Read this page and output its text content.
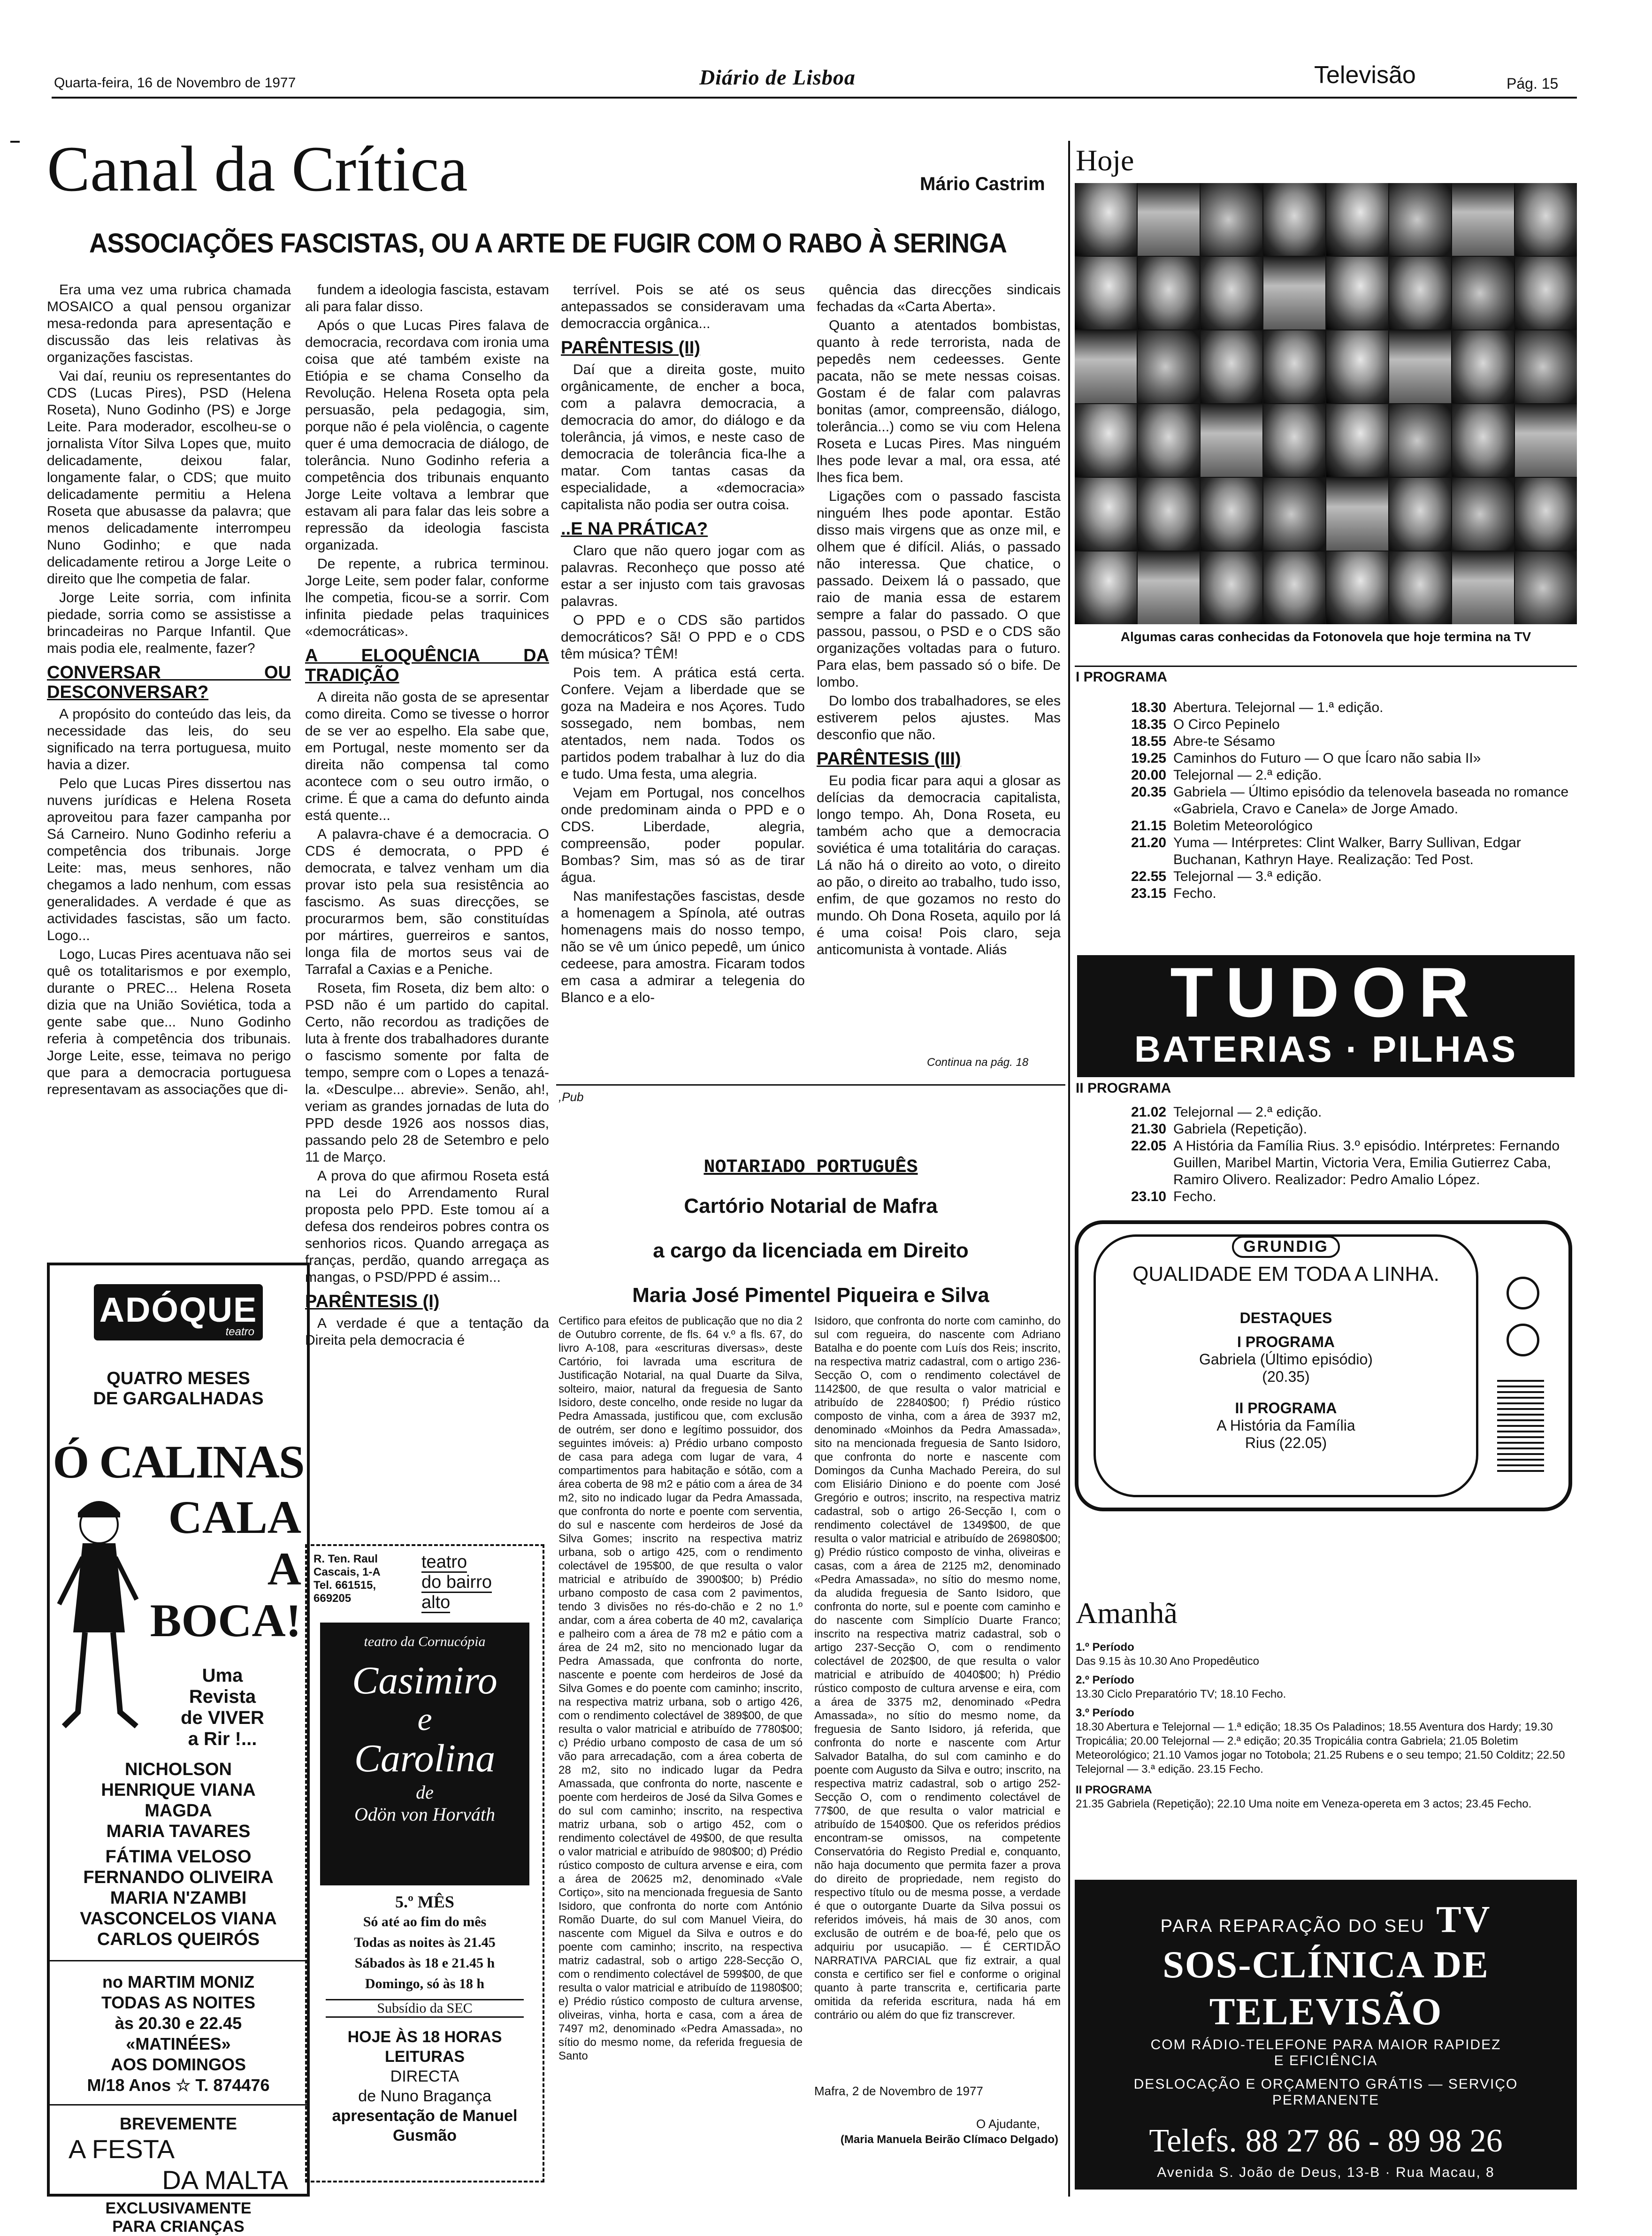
Quarta-feira, 16 de Novembro de 1977	Diário de Lisboa	Televisão	Pág. 15
Canal da Crítica	Mário Castrim
ASSOCIAÇÕES FASCISTAS, OU A ARTE DE FUGIR COM O RABO À SERINGA

Era uma vez uma rubrica chamada MOSAICO a qual pensou organizar mesa-redonda para apresentação e discussão das leis relativas às organizações fascistas.

Vai daí, reuniu os representantes do CDS (Lucas Pires), PSD (Helena Roseta), Nuno Godinho (PS) e Jorge Leite. Para moderador, escolheu-se o jornalista Vítor Silva Lopes que, muito delicadamente, deixou falar, longamente falar, o CDS; que muito delicadamente permitiu a Helena Roseta que abusasse da palavra; que menos delicadamente interrompeu Nuno Godinho; e que nada delicadamente retirou a Jorge Leite o direito que lhe competia de falar.

Jorge Leite sorria, com infinita piedade, sorria como se assistisse a brincadeiras no Parque Infantil. Que mais podia ele, realmente, fazer?

CONVERSAR OU DESCONVERSAR?

A propósito do conteúdo das leis, da necessidade das leis, do seu significado na terra portuguesa, muito havia a dizer.

Pelo que Lucas Pires dissertou nas nuvens jurídicas e Helena Roseta aproveitou para fazer campanha por Sá Carneiro. Nuno Godinho referiu a competência dos tribunais. Jorge Leite: mas, meus senhores, não chegamos a lado nenhum, com essas generalidades. A verdade é que as actividades fascistas, são um facto. Logo...

Logo, Lucas Pires acentuava não sei quê os totalitarismos e por exemplo, durante o PREC... Helena Roseta dizia que na União Soviética, toda a gente sabe que... Nuno Godinho referia à competência dos tribunais. Jorge Leite, esse, teimava no perigo que para a democracia portuguesa representavam as associações que di-

fundem a ideologia fascista, estavam ali para falar disso.

Após o que Lucas Pires falava de democracia, recordava com ironia uma coisa que até também existe na Etiópia e se chama Conselho da Revolução. Helena Roseta opta pela persuasão, pela pedagogia, sim, porque não é pela violência, o cagente quer é uma democracia de diálogo, de tolerância. Nuno Godinho referia a competência dos tribunais enquanto Jorge Leite voltava a lembrar que estavam ali para falar das leis sobre a repressão da ideologia fascista organizada.

De repente, a rubrica terminou. Jorge Leite, sem poder falar, conforme lhe competia, ficou-se a sorrir. Com infinita piedade pelas traquinices «democráticas».

A ELOQUÊNCIA DA TRADIÇÃO

A direita não gosta de se apresentar como direita. Como se tivesse o horror de se ver ao espelho. Ela sabe que, em Portugal, neste momento ser da direita não compensa tal como acontece com o seu outro irmão, o crime. É que a cama do defunto ainda está quente...

A palavra-chave é a democracia. O CDS é democrata, o PPD é democrata, e talvez venham um dia provar isto pela sua resistência ao fascismo. As suas direcções, se procurarmos bem, são constituídas por mártires, guerreiros e santos, longa fila de mortos seus vai de Tarrafal a Caxias e a Peniche.

Roseta, fim Roseta, diz bem alto: o PSD não é um partido do capital. Certo, não recordou as tradições de luta à frente dos trabalhadores durante o fascismo somente por falta de tempo, sempre com o Lopes a tenazá-la. «Desculpe... abrevie». Senão, ah!, veriam as grandes jornadas de luta do PPD desde 1926 aos nossos dias, passando pelo 28 de Setembro e pelo 11 de Março.

A prova do que afirmou Roseta está na Lei do Arrendamento Rural proposta pelo PPD. Este tomou aí a defesa dos rendeiros pobres contra os senhorios ricos. Quando arregaça as franças, perdão, quando arregaça as mangas, o PSD/PPD é assim...

PARÊNTESIS (I)

A verdade é que a tentação da Direita pela democracia é

terrível. Pois se até os seus antepassados se consideravam uma democraccia orgânica...

PARÊNTESIS (II)

Daí que a direita goste, muito orgânicamente, de encher a boca, com a palavra democracia, a democracia do amor, do diálogo e da tolerância, já vimos, e neste caso de democracia de tolerância fica-lhe a matar. Com tantas casas da especialidade, a «democracia» capitalista não podia ser outra coisa.

..E NA PRÁTICA?

Claro que não quero jogar com as palavras. Reconheço que posso até estar a ser injusto com tais gravosas palavras.

O PPD e o CDS são partidos democráticos? Sã! O PPD e o CDS têm música? TÊM!

Pois tem. A prática está certa. Confere. Vejam a liberdade que se goza na Madeira e nos Açores. Tudo sossegado, nem bombas, nem atentados, nem nada. Todos os partidos podem trabalhar à luz do dia e tudo. Uma festa, uma alegria.

Vejam em Portugal, nos concelhos onde predominam ainda o PPD e o CDS. Liberdade, alegria, compreensão, poder popular. Bombas? Sim, mas só as de tirar água.

Nas manifestações fascistas, desde a homenagem a Spínola, até outras homenagens mais do nosso tempo, não se vê um único pepedê, um único cedeese, para amostra. Ficaram todos em casa a admirar a telegenia do Blanco e a elo-

quência das direcções sindicais fechadas da «Carta Aberta».

Quanto a atentados bombistas, quanto à rede terrorista, nada de pepedês nem cedeesses. Gente pacata, não se mete nessas coisas. Gostam é de falar com palavras bonitas (amor, compreensão, diálogo, tolerância...) como se viu com Helena Roseta e Lucas Pires. Mas ninguém lhes pode levar a mal, ora essa, até lhes fica bem.

Ligações com o passado fascista ninguém lhes pode apontar. Estão disso mais virgens que as onze mil, e olhem que é difícil. Aliás, o passado não interessa. Que chatice, o passado. Deixem lá o passado, que raio de mania essa de estarem sempre a falar do passado. O que passou, passou, o PSD e o CDS são organizações voltadas para o futuro. Para elas, bem passado só o bife. De lombo.

Do lombo dos trabalhadores, se eles estiverem pelos ajustes. Mas desconfio que não.

PARÊNTESIS (III)

Eu podia ficar para aqui a glosar as delícias da democracia capitalista, longo tempo. Ah, Dona Roseta, eu também acho que a democracia soviética é uma totalitária do caraças. Lá não há o direito ao voto, o direito ao pão, o direito ao trabalho, tudo isso, enfim, de que gozamos no resto do mundo. Oh Dona Roseta, aquilo por lá é uma coisa! Pois claro, seja anticomunista à vontade. Aliás

Continua na pág. 18
,Pub
NOTARIADO PORTUGUÊS
Cartório Notarial de Mafra
a cargo da licenciada em Direito
Maria José Pimentel Piqueira e Silva
Certifico para efeitos de publicação que no dia 2 de Outubro corrente, de fls. 64 v.º a fls. 67, do livro A-108, para «escrituras diversas», deste Cartório, foi lavrada uma escritura de Justificação Notarial, na qual Duarte da Silva, solteiro, maior, natural da freguesia de Santo Isidoro, deste concelho, onde reside no lugar da Pedra Amassada, justificou que, com exclusão de outrém, ser dono e legítimo possuidor, dos seguintes imóveis: a) Prédio urbano composto de casa para adega com lugar de vara, 4 compartimentos para habitação e sótão, com a área coberta de 98 m2 e pátio com a área de 34 m2, sito no indicado lugar da Pedra Amassada, que confronta do norte e poente com serventia, do sul e nascente com herdeiros de José da Silva Gomes; inscrito na respectiva matriz urbana, sob o artigo 425, com o rendimento colectável de 195$00, de que resulta o valor matricial e atribuído de 3900$00; b) Prédio urbano composto de casa com 2 pavimentos, tendo 3 divisões no rés-do-chão e 2 no 1.º andar, com a área coberta de 40 m2, cavalariça e palheiro com a área de 78 m2 e pátio com a área de 24 m2, sito no mencionado lugar da Pedra Amassada, que confronta do norte, nascente e poente com herdeiros de José da Silva Gomes e do poente com caminho; inscrito, na respectiva matriz urbana, sob o artigo 426, com o rendimento colectável de 389$00, de que resulta o valor matricial e atribuído de 7780$00; c) Prédio urbano composto de casa de um só vão para arrecadação, com a área coberta de 28 m2, sito no indicado lugar da Pedra Amassada, que confronta do norte, nascente e poente com herdeiros de José da Silva Gomes e do sul com caminho; inscrito, na respectiva matriz urbana, sob o artigo 452, com o rendimento colectável de 49$00, de que resulta o valor matricial e atribuído de 980$00; d) Prédio rústico composto de cultura arvense e eira, com a área de 20625 m2, denominado «Vale Cortiço», sito na mencionada freguesia de Santo Isidoro, que confronta do norte com António Romão Duarte, do sul com Manuel Vieira, do nascente com Miguel da Silva e outros e do poente com caminho; inscrito, na respectiva matriz cadastral, sob o artigo 228-Secção O, com o rendimento colectável de 599$00, de que resulta o valor matricial e atribuído de 11980$00; e) Prédio rústico composto de cultura arvense, oliveiras, vinha, horta e casa, com a área de 7497 m2, denominado «Pedra Amassada», no sítio do mesmo nome, da referida freguesia de Santo
Isidoro, que confronta do norte com caminho, do sul com regueira, do nascente com Adriano Batalha e do poente com Luís dos Reis; inscrito, na respectiva matriz cadastral, com o artigo 236-Secção O, com o rendimento colectável de 1142$00, de que resulta o valor matricial e atribuído de 22840$00; f) Prédio rústico composto de vinha, com a área de 3937 m2, denominado «Moinhos da Pedra Amassada», sito na mencionada freguesia de Santo Isidoro, que confronta do norte e nascente com Domingos da Cunha Machado Pereira, do sul com Elisiário Diniono e do poente com José Gregório e outros; inscrito, na respectiva matriz cadastral, sob o artigo 26-Secção I, com o rendimento colectável de 1349$00, de que resulta o valor matricial e atribuído de 26980$00; g) Prédio rústico composto de vinha, oliveiras e casas, com a área de 2125 m2, denominado «Pedra Amassada», no sítio do mesmo nome, da aludida freguesia de Santo Isidoro, que confronta do norte, sul e poente com caminho e do nascente com Simplício Duarte Franco; inscrito na respectiva matriz cadastral, sob o artigo 237-Secção O, com o rendimento colectável de 202$00, de que resulta o valor matricial e atribuído de 4040$00; h) Prédio rústico composto de cultura arvense e eira, com a área de 3375 m2, denominado «Pedra Amassada», no sítio do mesmo nome, da freguesia de Santo Isidoro, já referida, que confronta do norte e nascente com Artur Salvador Batalha, do sul com caminho e do poente com Augusto da Silva e outro; inscrito, na respectiva matriz cadastral, sob o artigo 252-Secção O, com o rendimento colectável de 77$00, de que resulta o valor matricial e atribuído de 1540$00. Que os referidos prédios encontram-se omissos, na competente Conservatória do Registo Predial e, conquanto, não haja documento que permita fazer a prova do direito de propriedade, nem registo do respectivo título ou de mesma posse, a verdade é que o outorgante Duarte da Silva possui os referidos imóveis, há mais de 30 anos, com exclusão de outrém e de boa-fé, pelo que os adquiriu por usucapião. — É CERTIDÃO NARRATIVA PARCIAL que fiz extrair, a qual consta e certifico ser fiel e conforme o original quanto à parte transcrita e, certificaria parte omitida da referida escritura, nada há em contrário ou além do que fiz transcrever.
Mafra, 2 de Novembro de 1977
O Ajudante,
(Maria Manuela Beirão Clímaco Delgado)
ADÓQUE
teatro
QUATRO MESES
DE GARGALHADAS
Ó CALINAS
CALA A
BOCA!
Uma
Revista
de VIVER
a Rir !...
NICHOLSON
HENRIQUE VIANA
MAGDA
MARIA TAVARES
FÁTIMA VELOSO
FERNANDO OLIVEIRA
MARIA N'ZAMBI
VASCONCELOS VIANA
CARLOS QUEIRÓS
no MARTIM MONIZ
TODAS AS NOITES
às 20.30 e 22.45
«MATINÉES»
AOS DOMINGOS
M/18 Anos ☆ T. 874476
BREVEMENTE
A FESTA
DA MALTA
EXCLUSIVAMENTE
PARA CRIANÇAS
R. Ten. Raul
Cascais, 1-A
Tel. 661515,
669205
teatro
do bairro
alto
teatro da Cornucópia
Casimiro
e
Carolina
de
Odön von Horváth
5.º MÊS
Só até ao fim do mês
Todas as noites às 21.45
Sábados às 18 e 21.45 h
Domingo, só às 18 h
Subsídio da SEC
HOJE ÀS 18 HORAS
LEITURAS
DIRECTA
de Nuno Bragança
apresentação de Manuel
Gusmão
Hoje
Algumas caras conhecidas da Fotonovela que hoje termina na TV
I PROGRAMA
18.30 Abertura. Telejornal — 1.ª edição.
18.35 O Circo Pepinelo
18.55 Abre-te Sésamo
19.25 Caminhos do Futuro — O que Ícaro não sabia II»
20.00 Telejornal — 2.ª edição.
20.35 Gabriela — Último episódio da telenovela baseada no romance «Gabriela, Cravo e Canela» de Jorge Amado.
21.15 Boletim Meteorológico
21.20 Yuma — Intérpretes: Clint Walker, Barry Sullivan, Edgar Buchanan, Kathryn Haye. Realização: Ted Post.
22.55 Telejornal — 3.ª edição.
23.15 Fecho.
TUDOR
BATERIAS · PILHAS
II PROGRAMA
21.02 Telejornal — 2.ª edição.
21.30 Gabriela (Repetição).
22.05 A História da Família Rius. 3.º episódio. Intérpretes: Fernando Guillen, Maribel Martin, Victoria Vera, Emilia Gutierrez Caba, Ramiro Olivero. Realizador: Pedro Amalio López.
23.10 Fecho.
GRUNDIG
QUALIDADE EM TODA A LINHA.
DESTAQUES
I PROGRAMA
Gabriela (Último episódio)
(20.35)
II PROGRAMA
A História da Família
Rius (22.05)
Amanhã
1.º Período
Das 9.15 às 10.30 Ano Propedêutico
2.º Período
13.30 Ciclo Preparatório TV; 18.10 Fecho.
3.º Período
18.30 Abertura e Telejornal — 1.ª edição; 18.35 Os Paladinos; 18.55 Aventura dos Hardy; 19.30 Tropicália; 20.00 Telejornal — 2.ª edição; 20.35 Tropicália contra Gabriela; 21.05 Boletim Meteorológico; 21.10 Vamos jogar no Totobola; 21.25 Rubens e o seu tempo; 21.50 Colditz; 22.50 Telejornal — 3.ª edição. 23.15 Fecho.
II PROGRAMA
21.35 Gabriela (Repetição); 22.10 Uma noite em Veneza-opereta em 3 actos; 23.45 Fecho.
PARA REPARAÇÃO DO SEU TV
SOS-CLÍNICA DE TELEVISÃO
COM RÁDIO-TELEFONE PARA MAIOR RAPIDEZ
E EFICIÊNCIA
DESLOCAÇÃO E ORÇAMENTO GRÁTIS — SERVIÇO
PERMANENTE
Telefs. 88 27 86 - 89 98 26
Avenida S. João de Deus, 13-B · Rua Macau, 8
